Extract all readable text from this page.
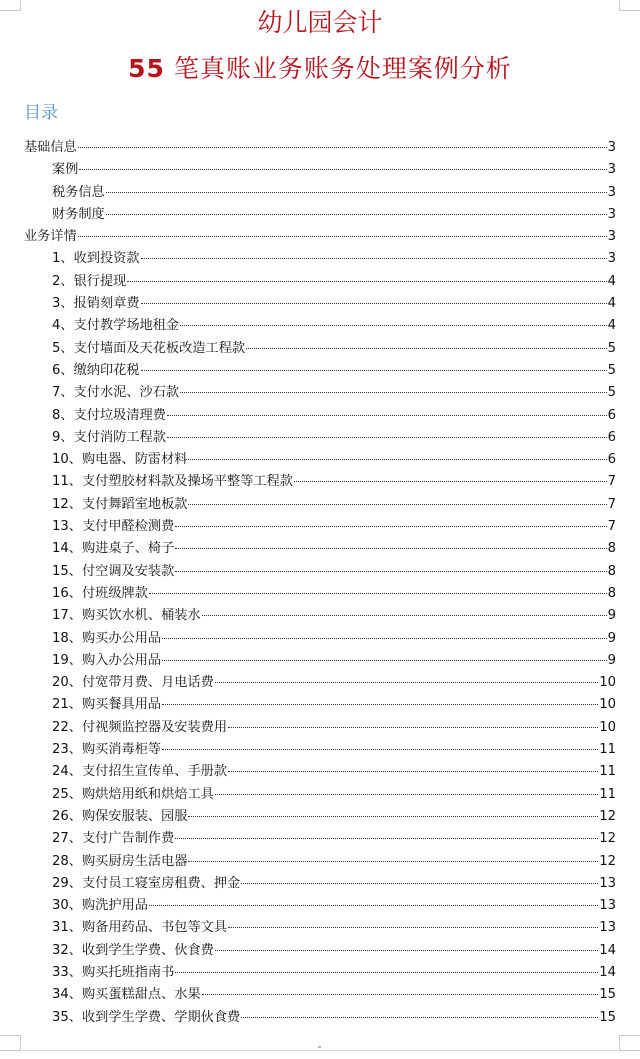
幼儿园会计
55 笔真账业务账务处理案例分析
目录
基础信息	3
案例	3
税务信息	3
财务制度	3
业务详情	3
1、收到投资款	3
2、银行提现	4
3、报销刻章费	4
4、支付教学场地租金	4
5、支付墙面及天花板改造工程款	5
6、缴纳印花税	5
7、支付水泥、沙石款	5
8、支付垃圾清理费	6
9、支付消防工程款	6
10、购电器、防雷材料	6
11、支付塑胶材料款及操场平整等工程款	7
12、支付舞蹈室地板款	7
13、支付甲醛检测费	7
14、购进桌子、椅子	8
15、付空调及安装款	8
16、付班级牌款	8
17、购买饮水机、桶装水	9
18、购买办公用品	9
19、购入办公用品	9
20、付宽带月费、月电话费	10
21、购买餐具用品	10
22、付视频监控器及安装费用	10
23、购买消毒柜等	11
24、支付招生宣传单、手册款	11
25、购烘焙用纸和烘焙工具	11
26、购保安服装、园服	12
27、支付广告制作费	12
28、购买厨房生活电器	12
29、支付员工寝室房租费、押金	13
30、购洗护用品	13
31、购备用药品、书包等文具	13
32、收到学生学费、伙食费	14
33、购买托班指南书	14
34、购买蛋糕甜点、水果	15
35、收到学生学费、学期伙食费	15
